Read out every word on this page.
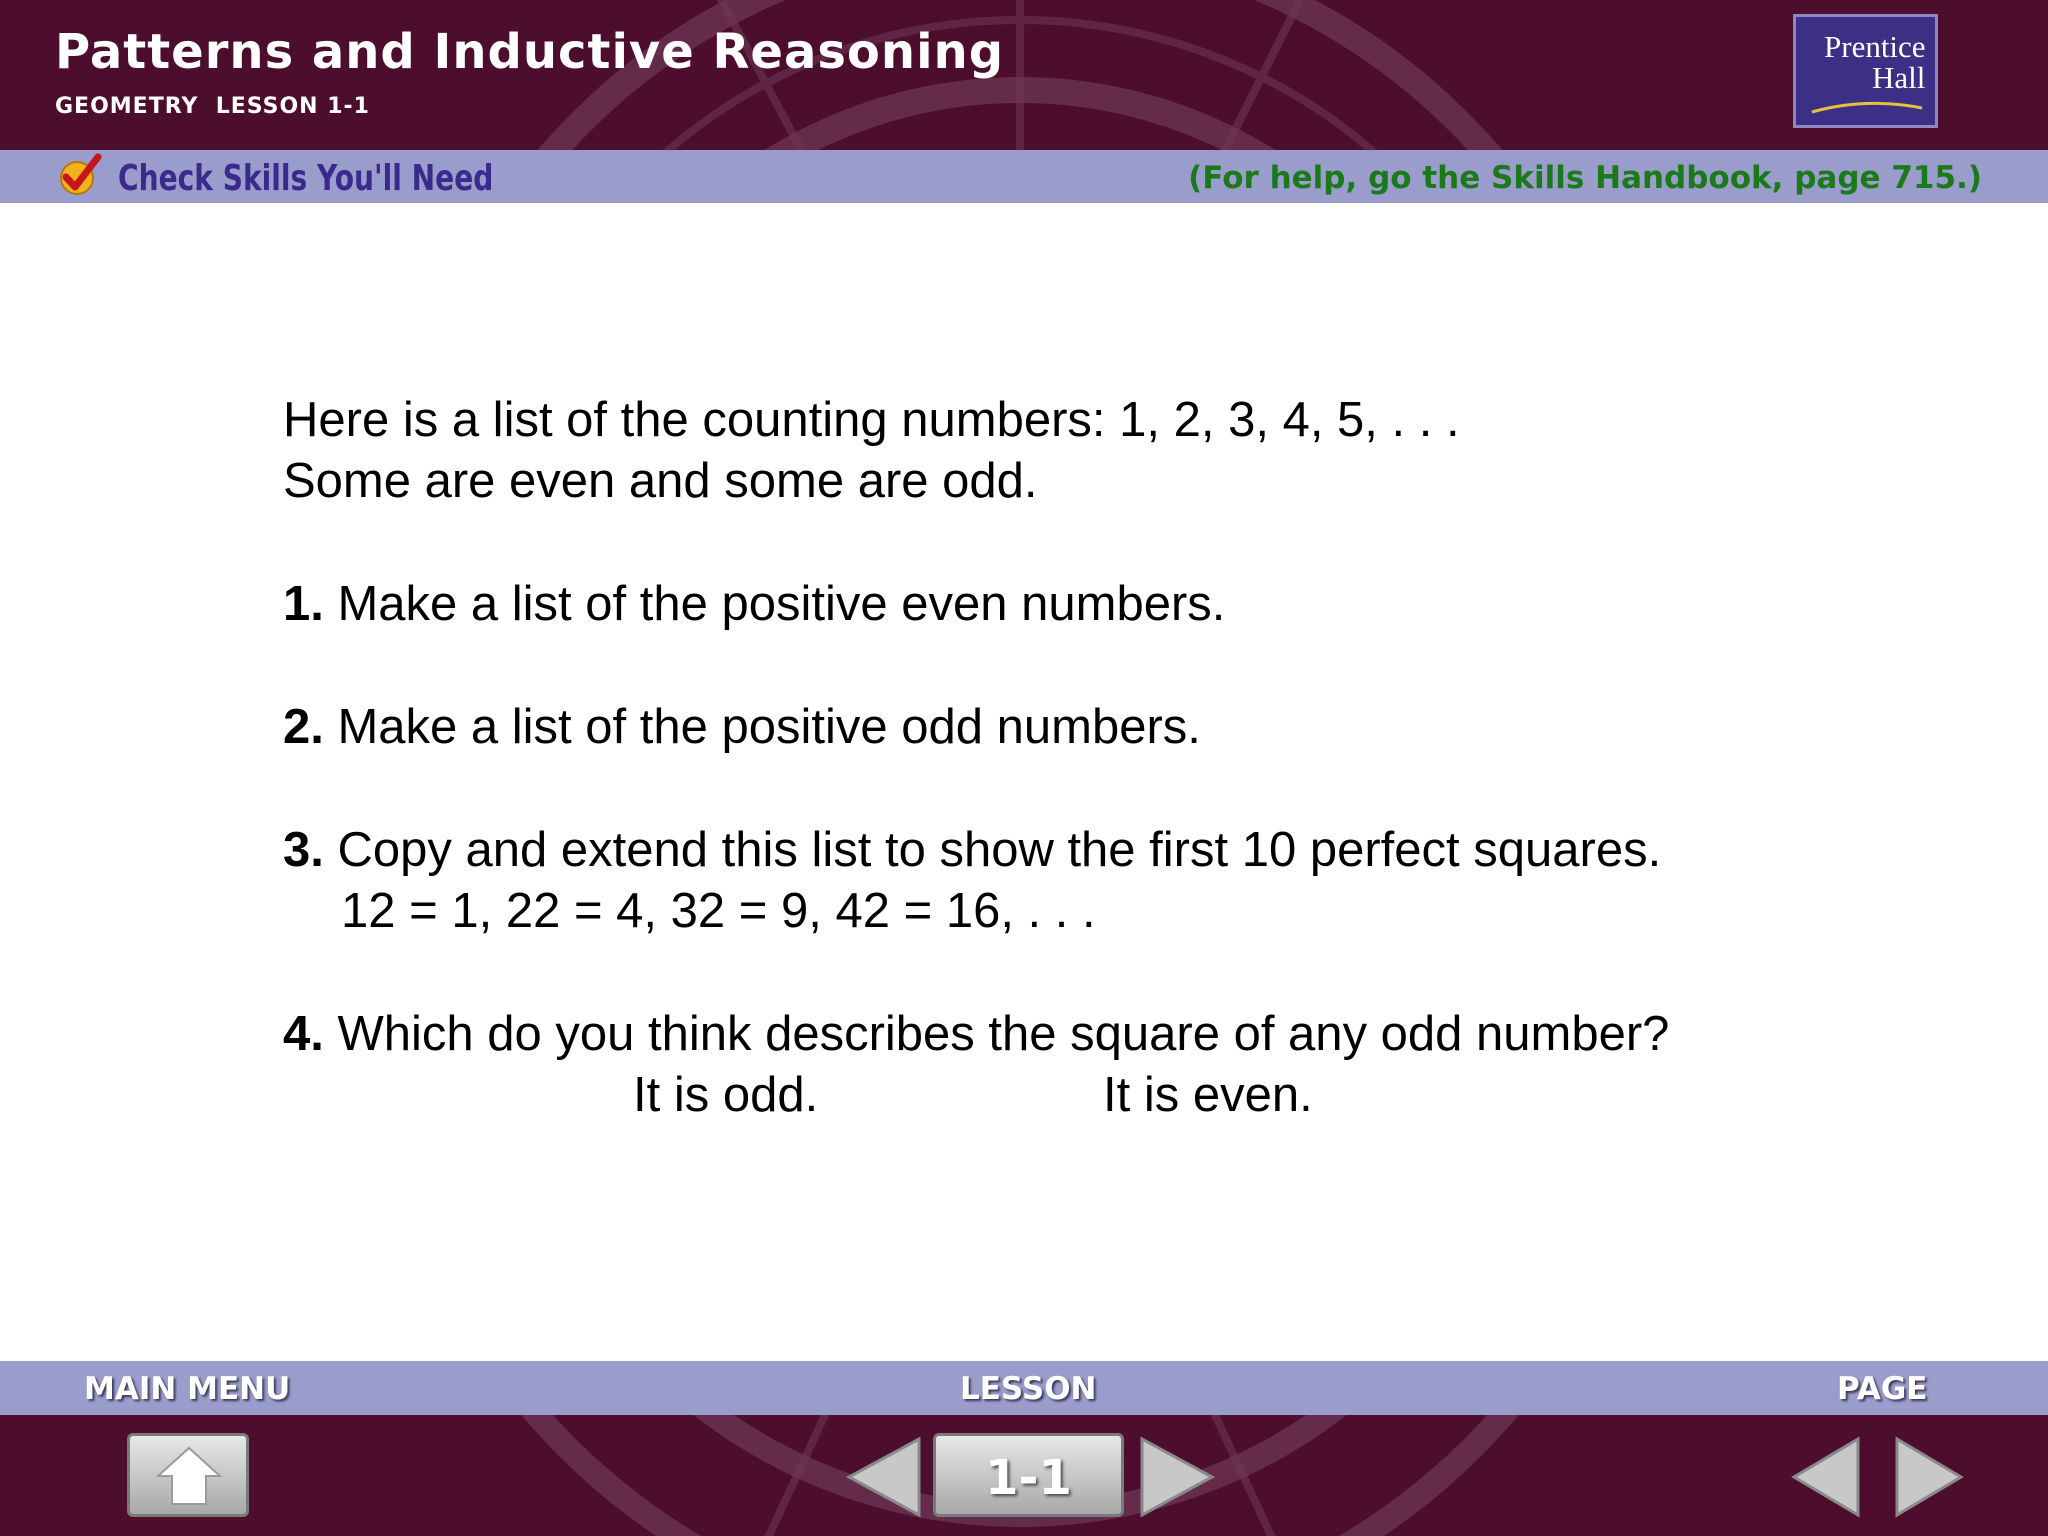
Patterns and Inductive Reasoning
GEOMETRY  LESSON 1-1
Prentice
Hall
Check Skills You'll Need	(For help, go the Skills Handbook, page 715.)
Here is a list of the counting numbers: 1, 2, 3, 4, 5, . . .
Some are even and some are odd.
1. Make a list of the positive even numbers.
2. Make a list of the positive odd numbers.
3. Copy and extend this list to show the first 10 perfect squares.
12 = 1, 22 = 4, 32 = 9, 42 = 16, . . .
4. Which do you think describes the square of any odd number?
It is odd.	It is even.
MAIN MENU	LESSON	PAGE
1-1
